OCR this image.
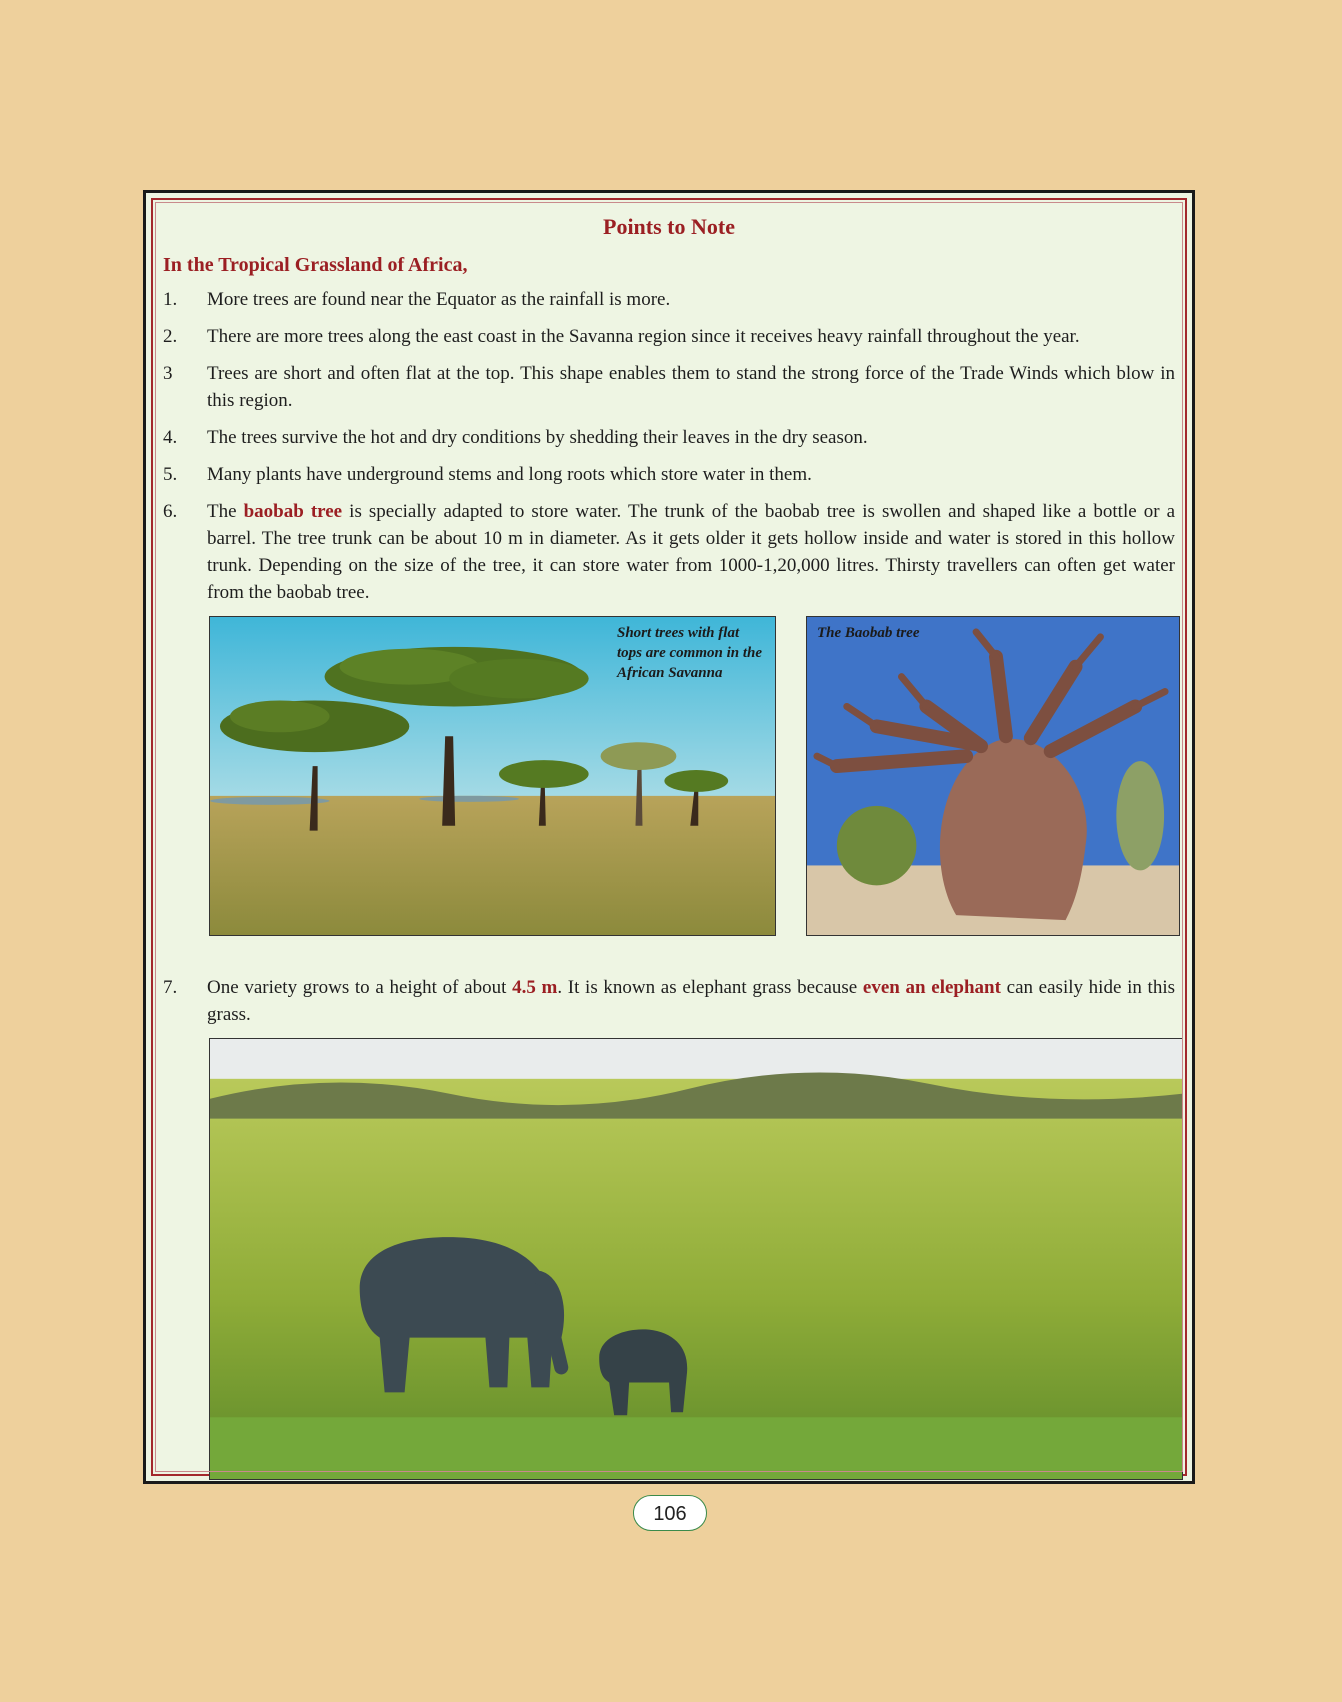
Points to Note
In the Tropical Grassland of Africa,
1.	More trees are found near the Equator as the rainfall is more.
2.	There are more trees along the east coast in the Savanna region since it receives heavy rainfall throughout the year.
3	Trees are short and often flat at the top. This shape enables them to stand the strong force of the Trade Winds which blow in this region.
4.	The trees survive the hot and dry conditions by shedding their leaves in the dry season.
5.	Many plants have underground stems and long roots which store water in them.
6.	The baobab tree is specially adapted to store water. The trunk of the baobab tree is swollen and shaped like a bottle or a barrel. The tree trunk can be about 10 m in diameter. As it gets older it gets hollow inside and water is stored in this hollow trunk. Depending on the size of the tree, it can store water from 1000-1,20,000 litres. Thirsty travellers can often get water from the baobab tree.
Short trees with flat tops are common in the African Savanna
The Baobab tree
7.	One variety grows to a height of about 4.5 m. It is known as elephant grass because even an elephant can easily hide in this grass.
106
